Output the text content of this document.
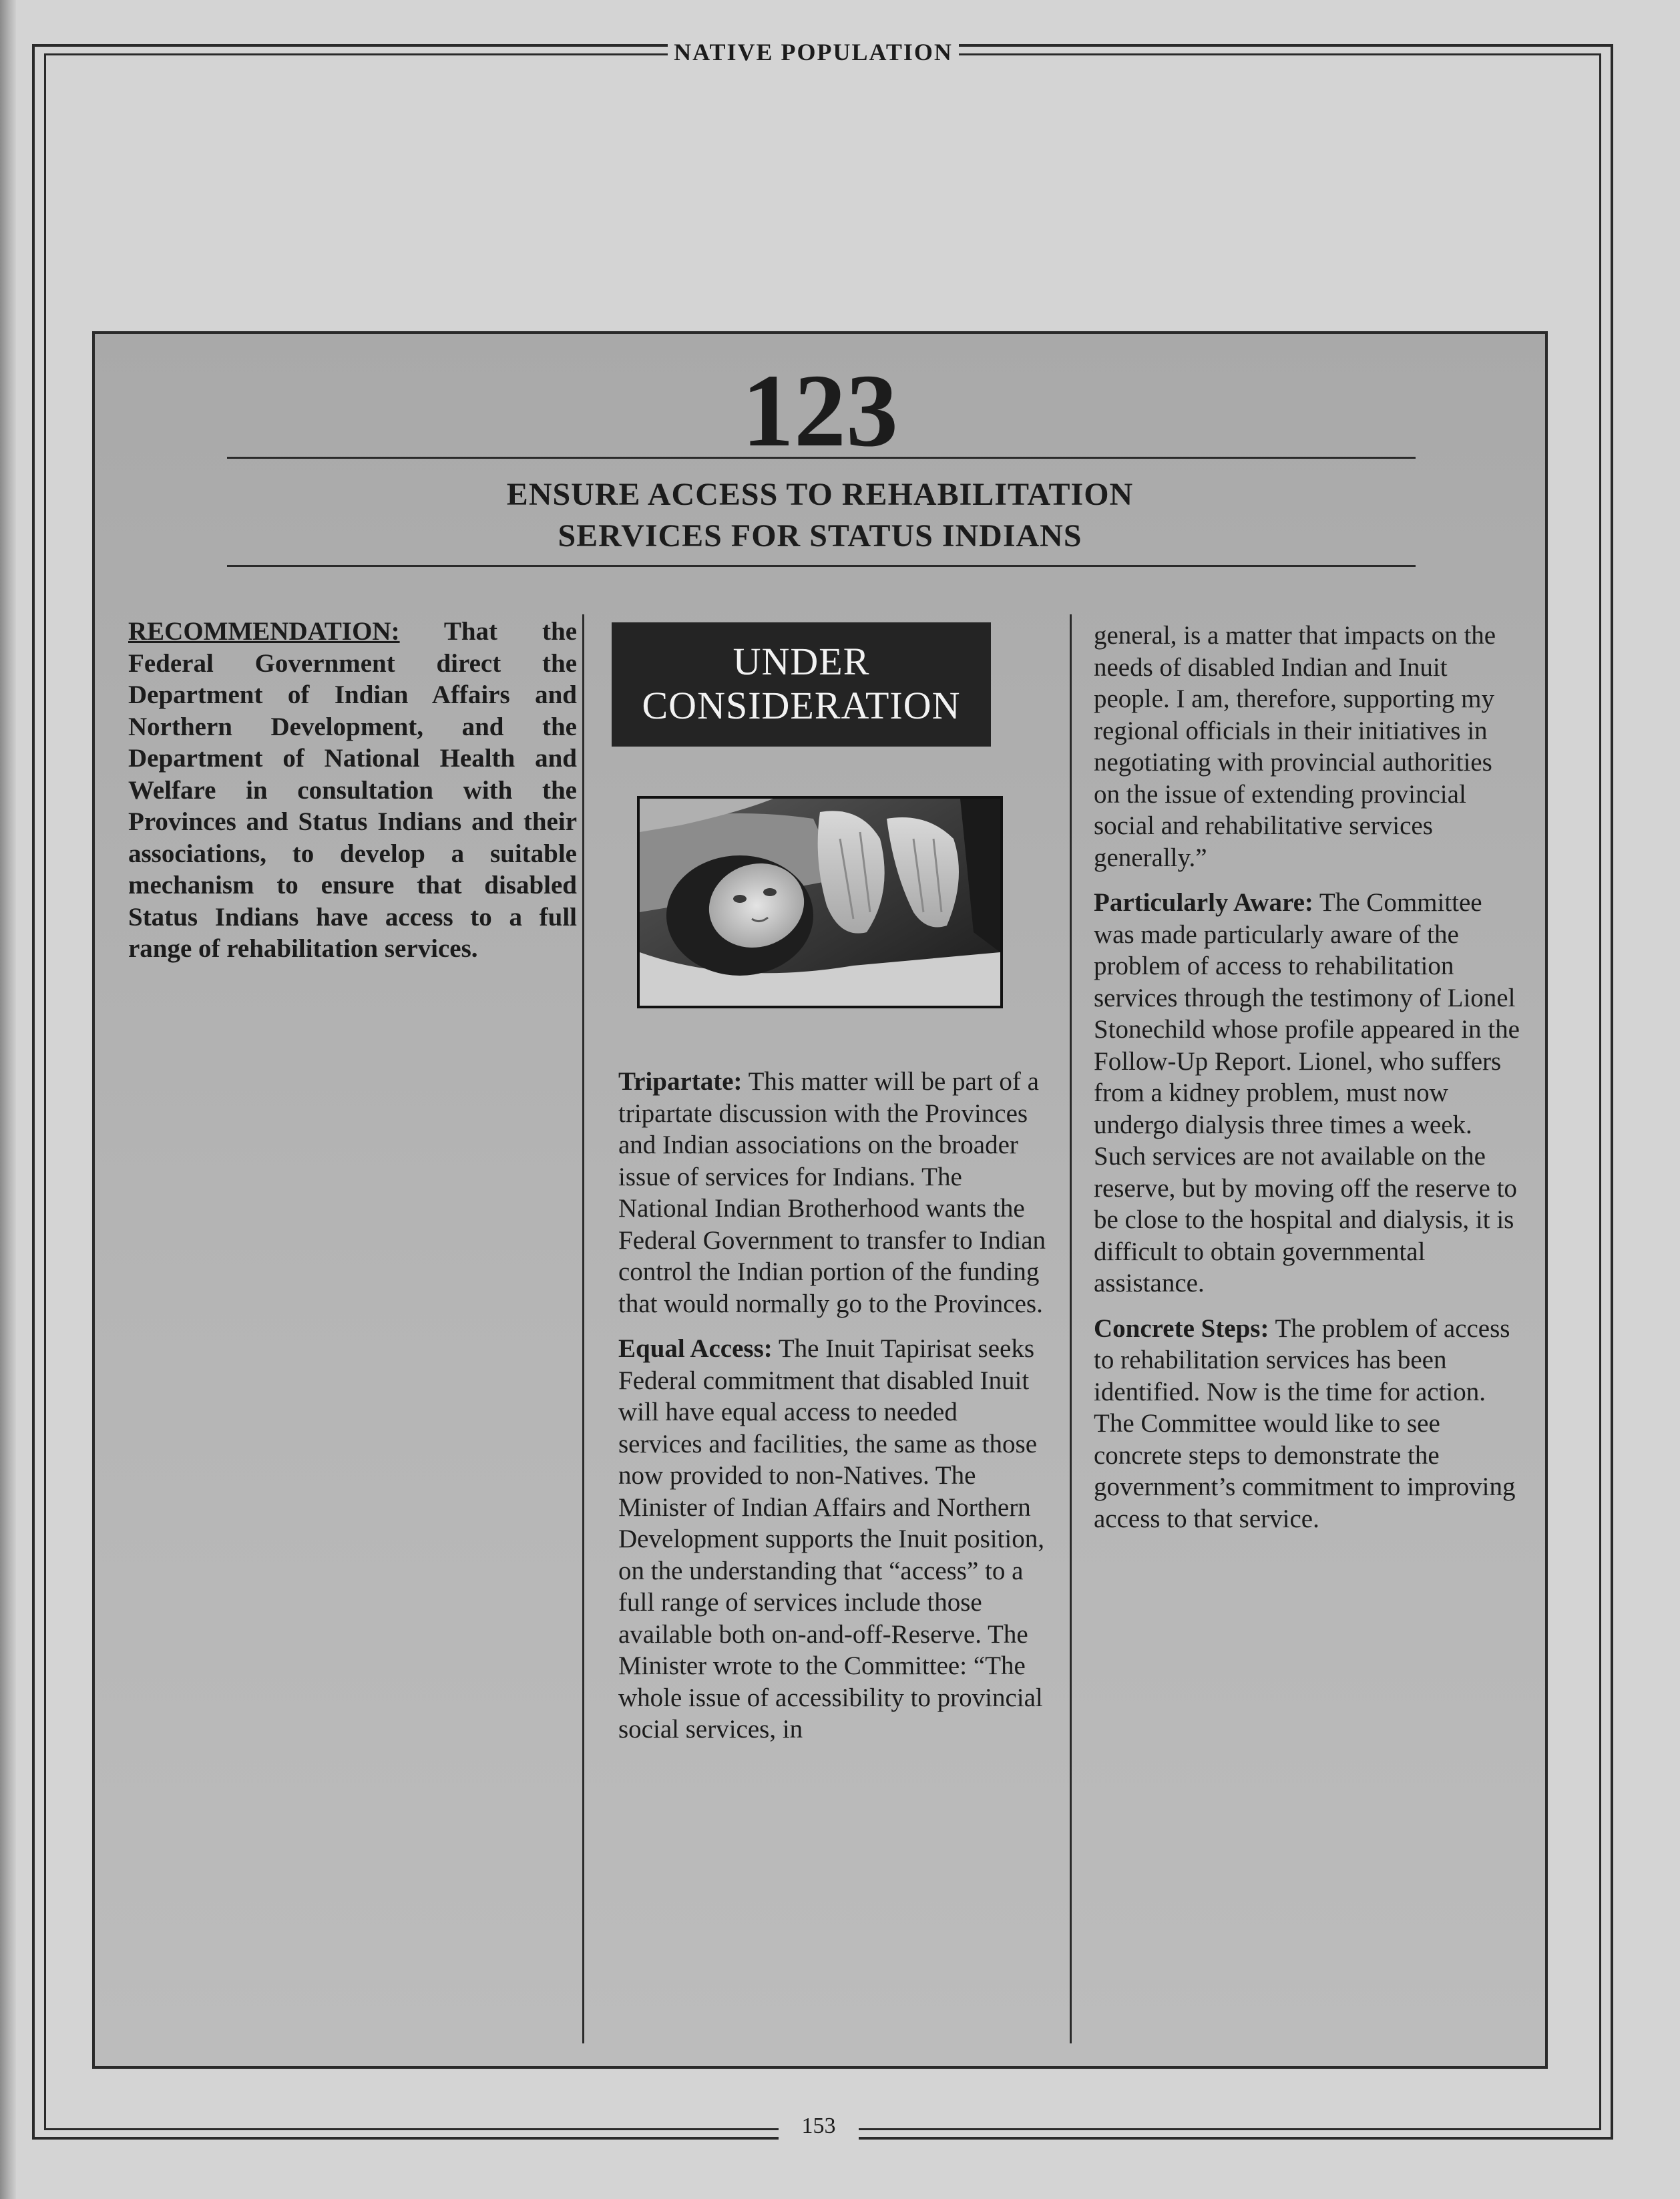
NATIVE POPULATION
123
ENSURE ACCESS TO REHABILITATION
SERVICES FOR STATUS INDIANS

RECOMMENDATION: That the Federal Government direct the Department of Indian Affairs and Northern Development, and the Department of National Health and Welfare in consultation with the Provinces and Status Indians and their associations, to develop a suitable mechanism to ensure that disabled Status Indians have access to a full range of rehabilitation services.

UNDER
CONSIDERATION

Tripartate: This matter will be part of a tripartate discussion with the Provinces and Indian associations on the broader issue of services for Indians. The National Indian Brotherhood wants the Federal Government to transfer to Indian control the Indian portion of the funding that would normally go to the Provinces.

Equal Access: The Inuit Tapirisat seeks Federal commitment that disabled Inuit will have equal access to needed services and facilities, the same as those now provided to non-Natives. The Minister of Indian Affairs and Northern Development supports the Inuit position, on the understanding that “access” to a full range of services include those available both on-and-off-Reserve. The Minister wrote to the Committee: “The whole issue of accessibility to provincial social services, in

general, is a matter that impacts on the needs of disabled Indian and Inuit people. I am, therefore, supporting my regional officials in their initiatives in negotiating with provincial authorities on the issue of extending provincial social and rehabilitative services generally.”

Particularly Aware: The Committee was made particularly aware of the problem of access to rehabilitation services through the testimony of Lionel Stonechild whose profile appeared in the Follow-Up Report. Lionel, who suffers from a kidney problem, must now undergo dialysis three times a week. Such services are not available on the reserve, but by moving off the reserve to be close to the hospital and dialysis, it is difficult to obtain governmental assistance.

Concrete Steps: The problem of access to rehabilitation services has been identified. Now is the time for action. The Committee would like to see concrete steps to demonstrate the government’s commitment to improving access to that service.

153
